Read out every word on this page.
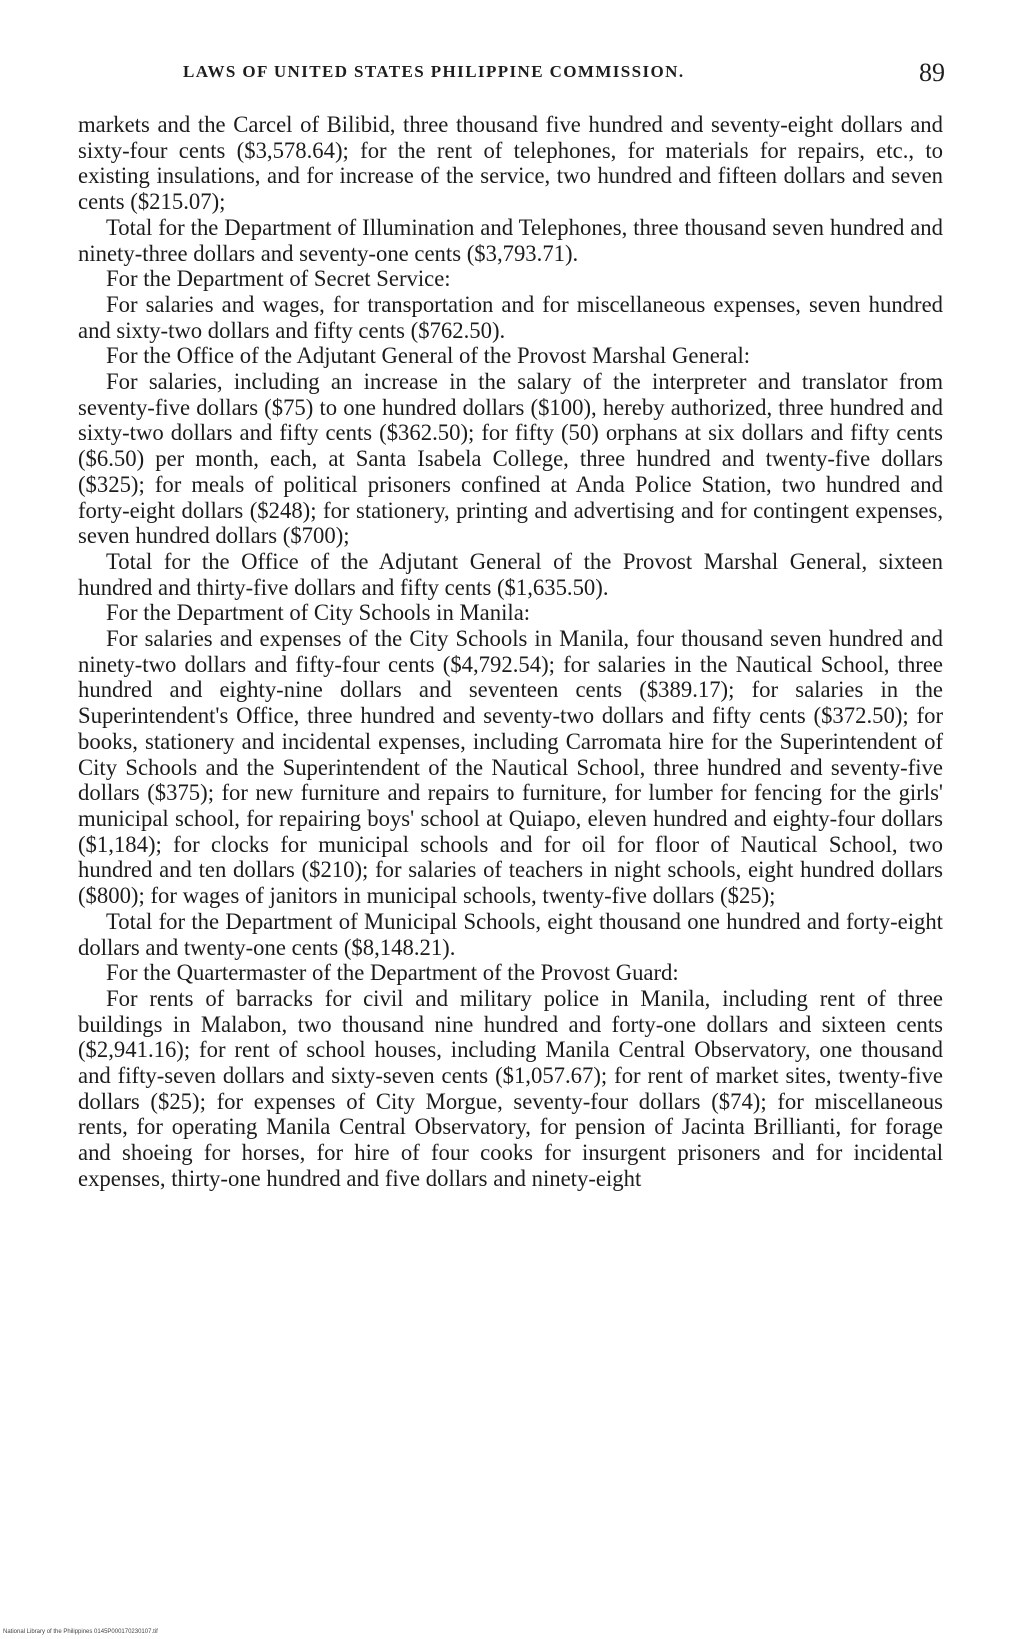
LAWS OF UNITED STATES PHILIPPINE COMMISSION.	89

markets and the Carcel of Bilibid, three thousand five hundred and seventy-eight dollars and sixty-four cents ($3,578.64); for the rent of telephones, for materials for repairs, etc., to existing insulations, and for increase of the service, two hundred and fifteen dollars and seven cents ($215.07);

Total for the Department of Illumination and Telephones, three thousand seven hundred and ninety-three dollars and seventy-one cents ($3,793.71).

For the Department of Secret Service:

For salaries and wages, for transportation and for miscellaneous expenses, seven hundred and sixty-two dollars and fifty cents ($762.50).

For the Office of the Adjutant General of the Provost Marshal General:

For salaries, including an increase in the salary of the interpreter and translator from seventy-five dollars ($75) to one hundred dollars ($100), hereby authorized, three hundred and sixty-two dollars and fifty cents ($362.50); for fifty (50) orphans at six dollars and fifty cents ($6.50) per month, each, at Santa Isabela College, three hundred and twenty-five dollars ($325); for meals of political prisoners confined at Anda Police Station, two hundred and forty-eight dollars ($248); for stationery, printing and advertising and for contingent expenses, seven hundred dollars ($700);

Total for the Office of the Adjutant General of the Provost Marshal General, sixteen hundred and thirty-five dollars and fifty cents ($1,635.50).

For the Department of City Schools in Manila:

For salaries and expenses of the City Schools in Manila, four thousand seven hundred and ninety-two dollars and fifty-four cents ($4,792.54); for salaries in the Nautical School, three hundred and eighty-nine dollars and seventeen cents ($389.17); for salaries in the Superintendent's Office, three hundred and seventy-two dollars and fifty cents ($372.50); for books, stationery and incidental expenses, including Carromata hire for the Superintendent of City Schools and the Superintendent of the Nautical School, three hundred and seventy-five dollars ($375); for new furniture and repairs to furniture, for lumber for fencing for the girls' municipal school, for repairing boys' school at Quiapo, eleven hundred and eighty-four dollars ($1,184); for clocks for municipal schools and for oil for floor of Nautical School, two hundred and ten dollars ($210); for salaries of teachers in night schools, eight hundred dollars ($800); for wages of janitors in municipal schools, twenty-five dollars ($25);

Total for the Department of Municipal Schools, eight thousand one hundred and forty-eight dollars and twenty-one cents ($8,148.21).

For the Quartermaster of the Department of the Provost Guard:

For rents of barracks for civil and military police in Manila, including rent of three buildings in Malabon, two thousand nine hundred and forty-one dollars and sixteen cents ($2,941.16); for rent of school houses, including Manila Central Observatory, one thousand and fifty-seven dollars and sixty-seven cents ($1,057.67); for rent of market sites, twenty-five dollars ($25); for expenses of City Morgue, seventy-four dollars ($74); for miscellaneous rents, for operating Manila Central Observatory, for pension of Jacinta Brillianti, for forage and shoeing for horses, for hire of four cooks for insurgent prisoners and for incidental expenses, thirty-one hundred and five dollars and ninety-eight

National Library of the Philippines 0145P000170230107.tif
